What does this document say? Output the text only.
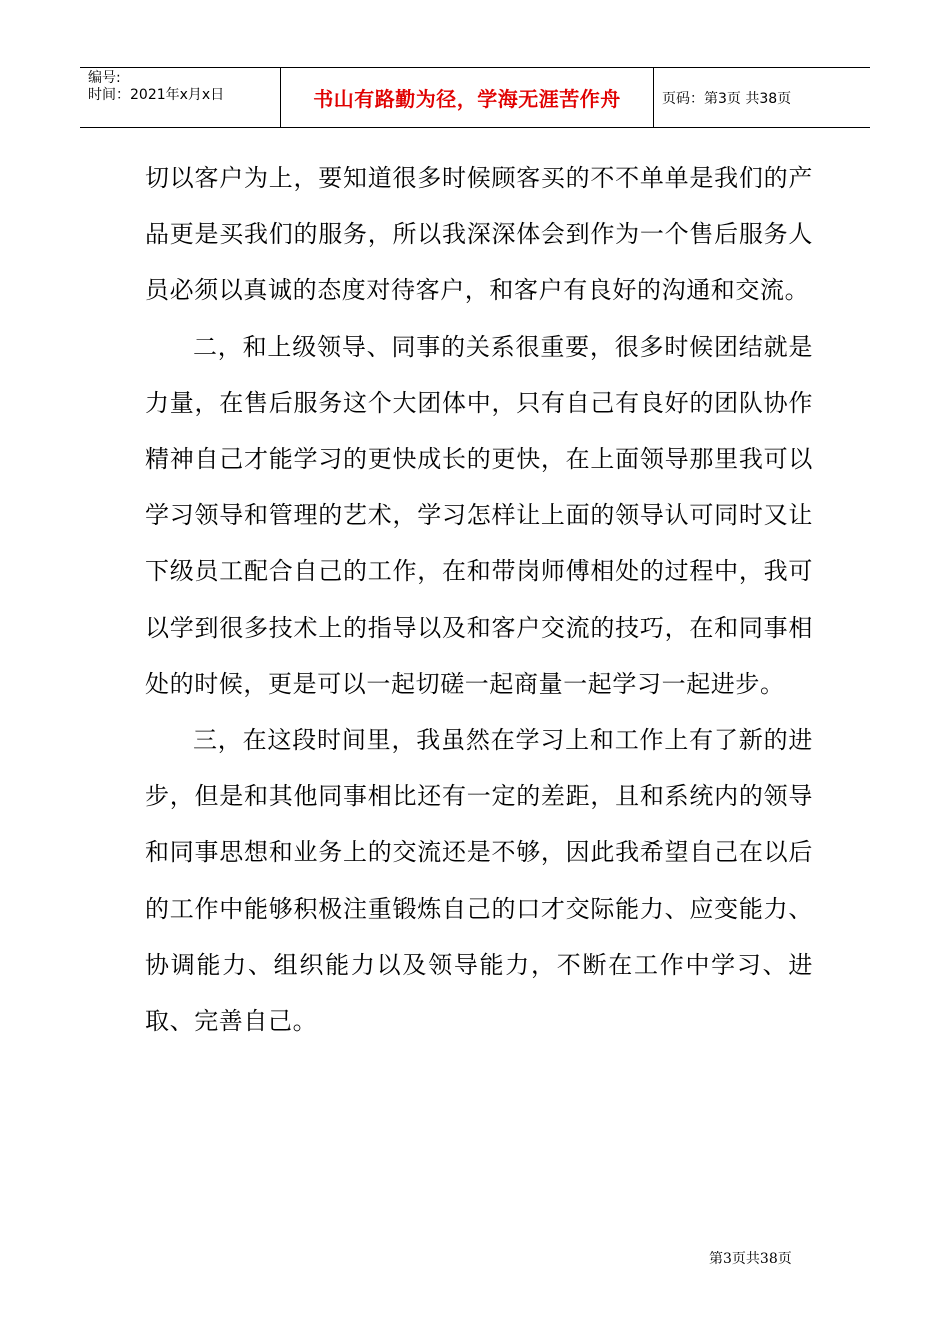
编号:
时间：2021年x月x日	书山有路勤为径，学海无涯苦作舟	页码：第3页 共38页

切以客户为上，要知道很多时候顾客买的不不单单是我们的产品更是买我们的服务，所以我深深体会到作为一个售后服务人员必须以真诚的态度对待客户，和客户有良好的沟通和交流。

二，和上级领导、同事的关系很重要，很多时候团结就是力量，在售后服务这个大团体中，只有自己有良好的团队协作精神自己才能学习的更快成长的更快，在上面领导那里我可以学习领导和管理的艺术，学习怎样让上面的领导认可同时又让下级员工配合自己的工作，在和带岗师傅相处的过程中，我可以学到很多技术上的指导以及和客户交流的技巧，在和同事相处的时候，更是可以一起切磋一起商量一起学习一起进步。

三，在这段时间里，我虽然在学习上和工作上有了新的进步，但是和其他同事相比还有一定的差距，且和系统内的领导和同事思想和业务上的交流还是不够，因此我希望自己在以后的工作中能够积极注重锻炼自己的口才交际能力、应变能力、协调能力、组织能力以及领导能力，不断在工作中学习、进取、完善自己。

第3页共38页
